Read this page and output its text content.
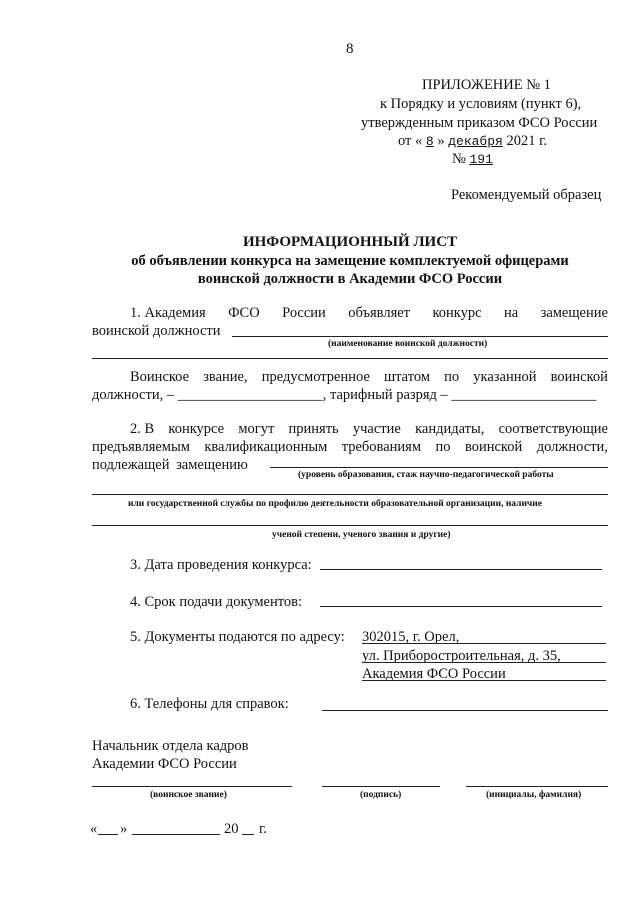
8
ПРИЛОЖЕНИЕ № 1
к Порядку и условиям (пункт 6),
утвержденным приказом ФСО России
от « 8 » декабря 2021 г.
№ 191
Рекомендуемый образец
ИНФОРМАЦИОННЫЙ ЛИСТ
об объявлении конкурса на замещение комплектуемой офицерами
воинской должности в Академии ФСО России
1. Академия ФСО России объявляет конкурс на замещение
воинской должности
(наименование воинской должности)
Воинское звание, предусмотренное штатом по указанной воинской
должности, – ____________________, тарифный разряд – ____________________
2. В конкурсе могут принять участие кандидаты, соответствующие
предъявляемым квалификационным требованиям по воинской должности,
подлежащей замещению
(уровень образования, стаж научно-педагогической работы
или государственной службы по профилю деятельности образовательной организации, наличие
ученой степени, ученого звания и другие)
3. Дата проведения конкурса:
4. Срок подачи документов:
5. Документы подаются по адресу: 302015, г. Орел,
ул. Приборостроительная, д. 35,
Академия ФСО России
6. Телефоны для справок:
Начальник отдела кадров
Академии ФСО России
(воинское звание)	(подпись)	(инициалы, фамилия)
« »	20 г.
